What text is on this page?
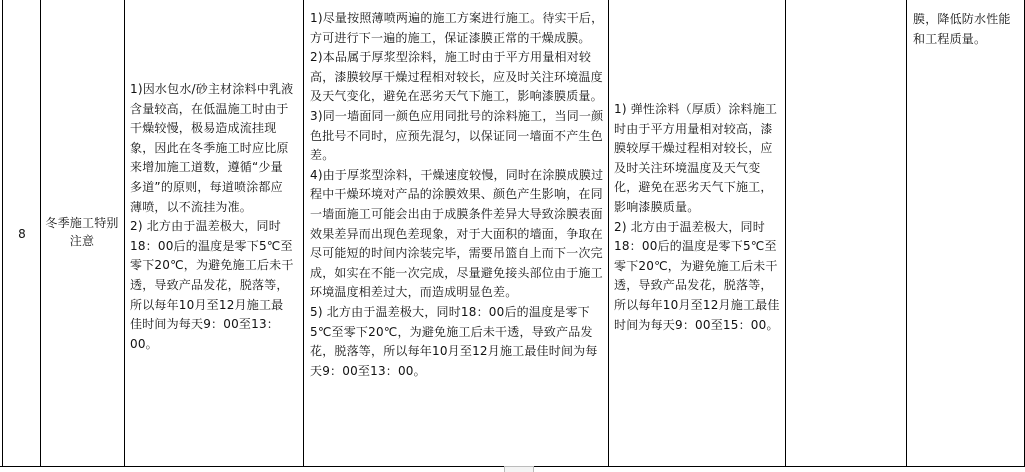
8
冬季施工特别注意

1)因水包水/砂主材涂料中乳液含量较高，在低温施工时由于干燥较慢，极易造成流挂现象，因此在冬季施工时应比原来增加施工道数，遵循“少量多道”的原则，每道喷涂都应薄喷，以不流挂为准。

2) 北方由于温差极大，同时18：00后的温度是零下5℃至零下20℃，为避免施工后未干透，导致产品发花，脱落等，所以每年10月至12月施工最佳时间为每天9：00至13：00。

1)尽量按照薄喷两遍的施工方案进行施工。待实干后，方可进行下一遍的施工，保证漆膜正常的干燥成膜。

2)本品属于厚浆型涂料，施工时由于平方用量相对较高，漆膜较厚干燥过程相对较长，应及时关注环境温度及天气变化，避免在恶劣天气下施工，影响漆膜质量。

3)同一墙面同一颜色应用同批号的涂料施工，当同一颜色批号不同时，应预先混匀，以保证同一墙面不产生色差。

4)由于厚浆型涂料，干燥速度较慢，同时在涂膜成膜过程中干燥环境对产品的涂膜效果、颜色产生影响，在同一墙面施工可能会出由于成膜条件差异大导致涂膜表面效果差异而出现色差现象，对于大面积的墙面，争取在尽可能短的时间内涂装完毕，需要吊篮自上而下一次完成，如实在不能一次完成，尽量避免接头部位由于施工环境温度相差过大，而造成明显色差。

5) 北方由于温差极大，同时18：00后的温度是零下5℃至零下20℃，为避免施工后未干透，导致产品发花，脱落等，所以每年10月至12月施工最佳时间为每天9：00至13：00。

1) 弹性涂料（厚质）涂料施工时由于平方用量相对较高，漆膜较厚干燥过程相对较长，应及时关注环境温度及天气变化，避免在恶劣天气下施工，影响漆膜质量。

2) 北方由于温差极大，同时18：00后的温度是零下5℃至零下20℃，为避免施工后未干透，导致产品发花，脱落等，所以每年10月至12月施工最佳时间为每天9：00至15：00。

膜，降低防水性能和工程质量。
